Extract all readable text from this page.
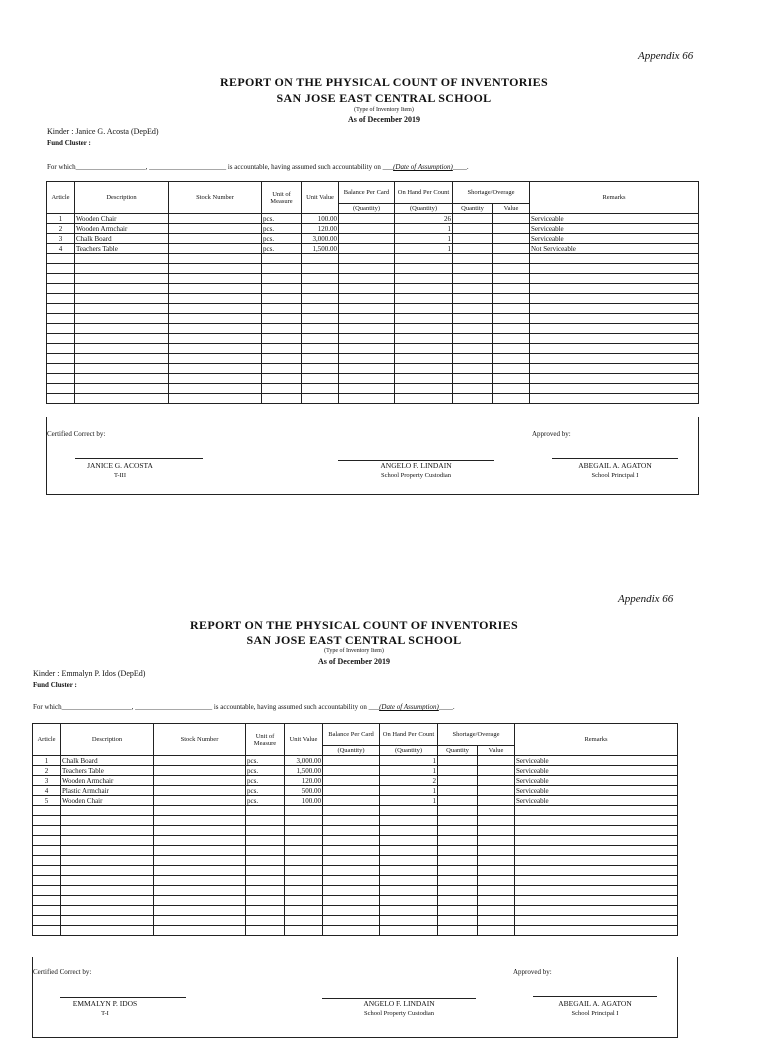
Appendix 66
REPORT ON THE PHYSICAL COUNT OF INVENTORIES
SAN JOSE EAST CENTRAL SCHOOL
(Type of Inventory Item)
As of December 2019
Kinder : Janice G. Acosta (DepEd)
Fund Cluster :
For which____________________, ______________________ is accountable, having assumed such accountability on ___(Date of Assumption)____.
Article	Description	Stock Number	Unit of Measure	Unit Value	Balance Per Card	On Hand Per Count	Shortage/Overage		Remarks
					(Quantity)	(Quantity)	Quantity	Value	
1	Wooden Chair		pcs.	100.00		26			Serviceable
2	Wooden Armchair		pcs.	120.00		1			Serviceable
3	Chalk Board		pcs.	3,000.00		1			Serviceable
4	Teachers Table		pcs.	1,500.00		1			Not Serviceable

Certified Correct by:	Approved by:
JANICE G. ACOSTA
T-III
ANGELO F. LINDAIN
School Property Custodian
ABEGAIL A. AGATON
School Principal I
Appendix 66
REPORT ON THE PHYSICAL COUNT OF INVENTORIES
SAN JOSE EAST CENTRAL SCHOOL
(Type of Inventory Item)
As of December 2019
Kinder : Emmalyn P. Idos (DepEd)
Fund Cluster :
For which____________________, ______________________ is accountable, having assumed such accountability on ___(Date of Assumption)____.
Article	Description	Stock Number	Unit of Measure	Unit Value	Balance Per Card	On Hand Per Count	Shortage/Overage		Remarks
					(Quantity)	(Quantity)	Quantity	Value	
1	Chalk Board		pcs.	3,000.00		1			Serviceable
2	Teachers Table		pcs.	1,500.00		1			Serviceable
3	Wooden Armchair		pcs.	120.00		2			Serviceable
4	Plastic Armchair		pcs.	500.00		1			Serviceable
5	Wooden Chair		pcs.	100.00		1			Serviceable

Certified Correct by:	Approved by:
EMMALYN P. IDOS
T-I
ANGELO F. LINDAIN
School Property Custodian
ABEGAIL A. AGATON
School Principal I
